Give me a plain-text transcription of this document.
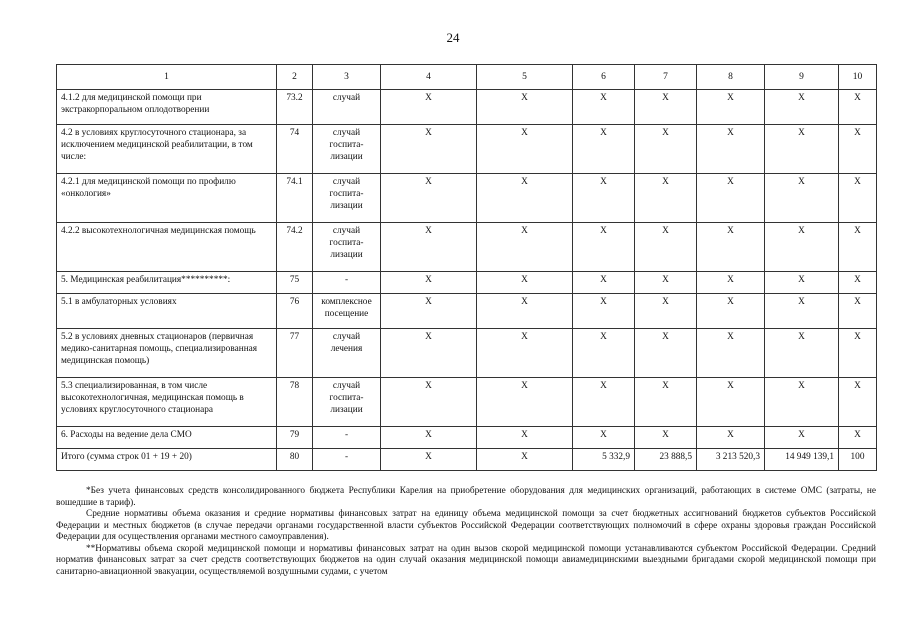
24
1	2	3	4	5	6	7	8	9	10
4.1.2 для медицинской помощи при экстракорпоральном оплодотворении	73.2	случай	Х	Х	Х	Х	Х	Х	Х
4.2 в условиях круглосуточного стационара, за исключением медицинской реабилитации, в том числе:	74	случай госпита-лизации	Х	Х	Х	Х	Х	Х	Х
4.2.1 для медицинской помощи по профилю «онкология»	74.1	случай госпита-лизации	Х	Х	Х	Х	Х	Х	Х
4.2.2 высокотехнологичная медицинская помощь	74.2	случай госпита-лизации	Х	Х	Х	Х	Х	Х	Х
5. Медицинская реабилитация**********:	75	-	Х	Х	Х	Х	Х	Х	Х
5.1 в амбулаторных условиях	76	комплексное посещение	Х	Х	Х	Х	Х	Х	Х
5.2 в условиях дневных стационаров (первичная медико-санитарная помощь, специализированная медицинская помощь)	77	случай лечения	Х	Х	Х	Х	Х	Х	Х
5.3 специализированная, в том числе высокотехнологичная, медицинская помощь в условиях круглосуточного стационара	78	случай госпита-лизации	Х	Х	Х	Х	Х	Х	Х
6. Расходы на ведение дела СМО	79	-	Х	Х	Х	Х	Х	Х	Х
Итого (сумма строк 01 + 19 + 20)	80	-	Х	Х	5 332,9	23 888,5	3 213 520,3	14 949 139,1	100

*Без учета финансовых средств консолидированного бюджета Республики Карелия на приобретение оборудования для медицинских организаций, работающих в системе ОМС (затраты, не вошедшие в тариф).

Средние нормативы объема оказания и средние нормативы финансовых затрат на единицу объема медицинской помощи за счет бюджетных ассигнований бюджетов субъектов Российской Федерации и местных бюджетов (в случае передачи органами государственной власти субъектов Российской Федерации соответствующих полномочий в сфере охраны здоровья граждан Российской Федерации для осуществления органами местного самоуправления).

**Нормативы объема скорой медицинской помощи и нормативы финансовых затрат на один вызов скорой медицинской помощи устанавливаются субъектом Российской Федерации. Средний норматив финансовых затрат за счет средств соответствующих бюджетов на один случай оказания медицинской помощи авиамедицинскими выездными бригадами скорой медицинской помощи при санитарно-авиационной эвакуации, осуществляемой воздушными судами, с учетом
